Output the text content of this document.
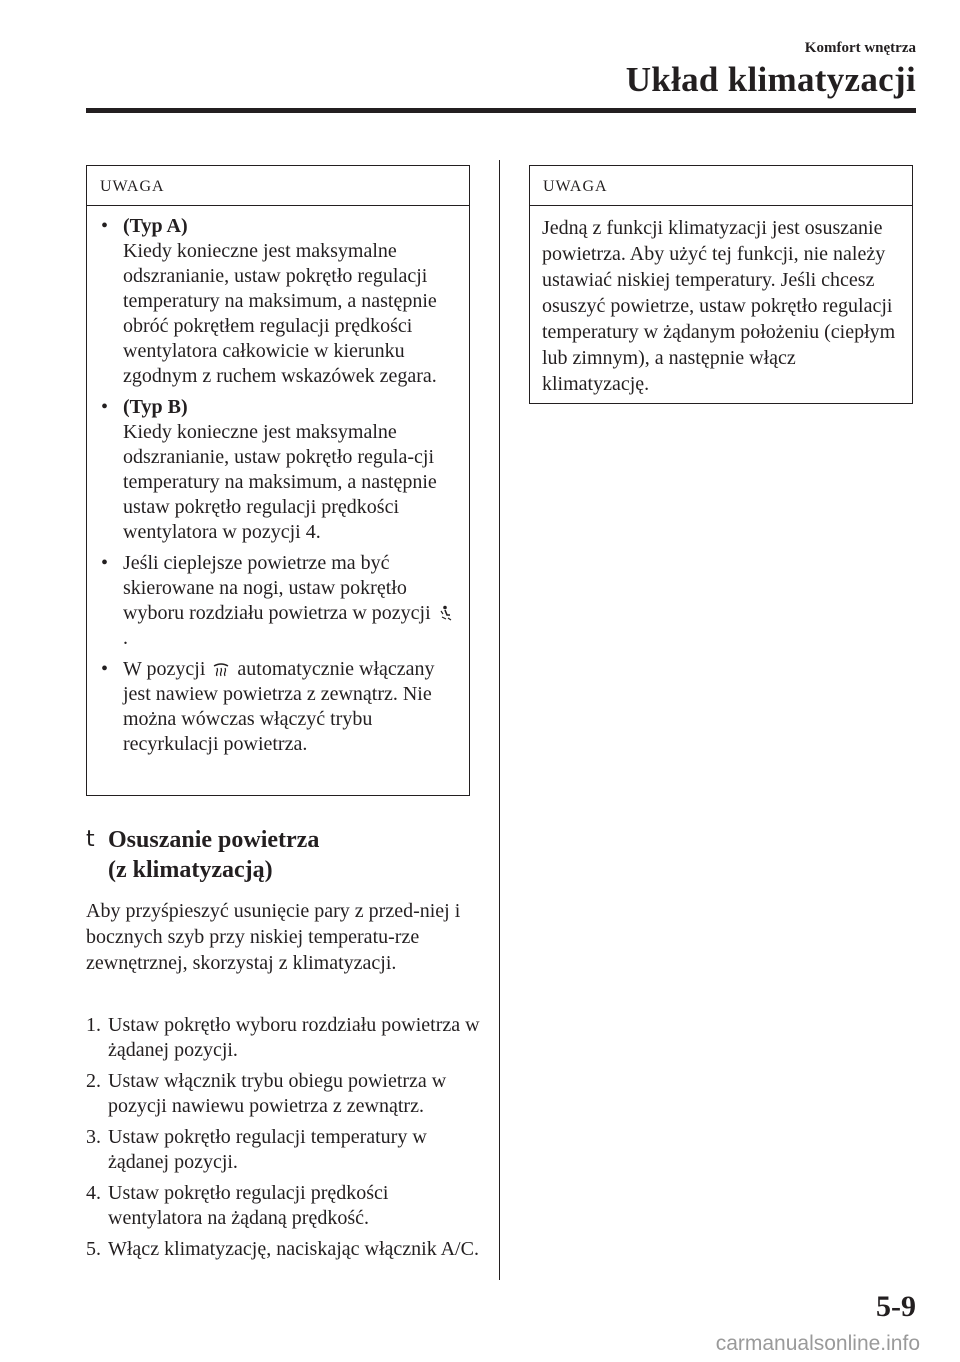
Komfort wnętrza
Układ klimatyzacji
UWAGA
• (Typ A)
Kiedy konieczne jest maksymalne odszranianie, ustaw pokrętło regulacji temperatury na maksimum, a następnie obróć pokrętłem regulacji prędkości wentylatora całkowicie w kierunku zgodnym z ruchem wskazówek zegara.
• (Typ B)
Kiedy konieczne jest maksymalne odszranianie, ustaw pokrętło regula-cji temperatury na maksimum, a następnie ustaw pokrętło regulacji prędkości wentylatora w pozycji 4.
• Jeśli cieplejsze powietrze ma być skierowane na nogi, ustaw pokrętło wyboru rozdziału powietrza w pozycji .
• W pozycji automatycznie włączany jest nawiew powietrza z zewnątrz. Nie można wówczas włączyć trybu recyrkulacji powietrza.
UWAGA

Jedną z funkcji klimatyzacji jest osuszanie powietrza. Aby użyć tej funkcji, nie należy ustawiać niskiej temperatury. Jeśli chcesz osuszyć powietrze, ustaw pokrętło regulacji temperatury w żądanym położeniu (ciepłym lub zimnym), a następnie włącz klimatyzację.

t Osuszanie powietrza
(z klimatyzacją)

Aby przyśpieszyć usunięcie pary z przed-niej i bocznych szyb przy niskiej temperatu-rze zewnętrznej, skorzystaj z klimatyzacji.

1. Ustaw pokrętło wyboru rozdziału powietrza w żądanej pozycji.
2. Ustaw włącznik trybu obiegu powietrza w pozycji nawiewu powietrza z zewnątrz.
3. Ustaw pokrętło regulacji temperatury w żądanej pozycji.
4. Ustaw pokrętło regulacji prędkości wentylatora na żądaną prędkość.
5. Włącz klimatyzację, naciskając włącznik A/C.
5-9
carmanualsonline.info
